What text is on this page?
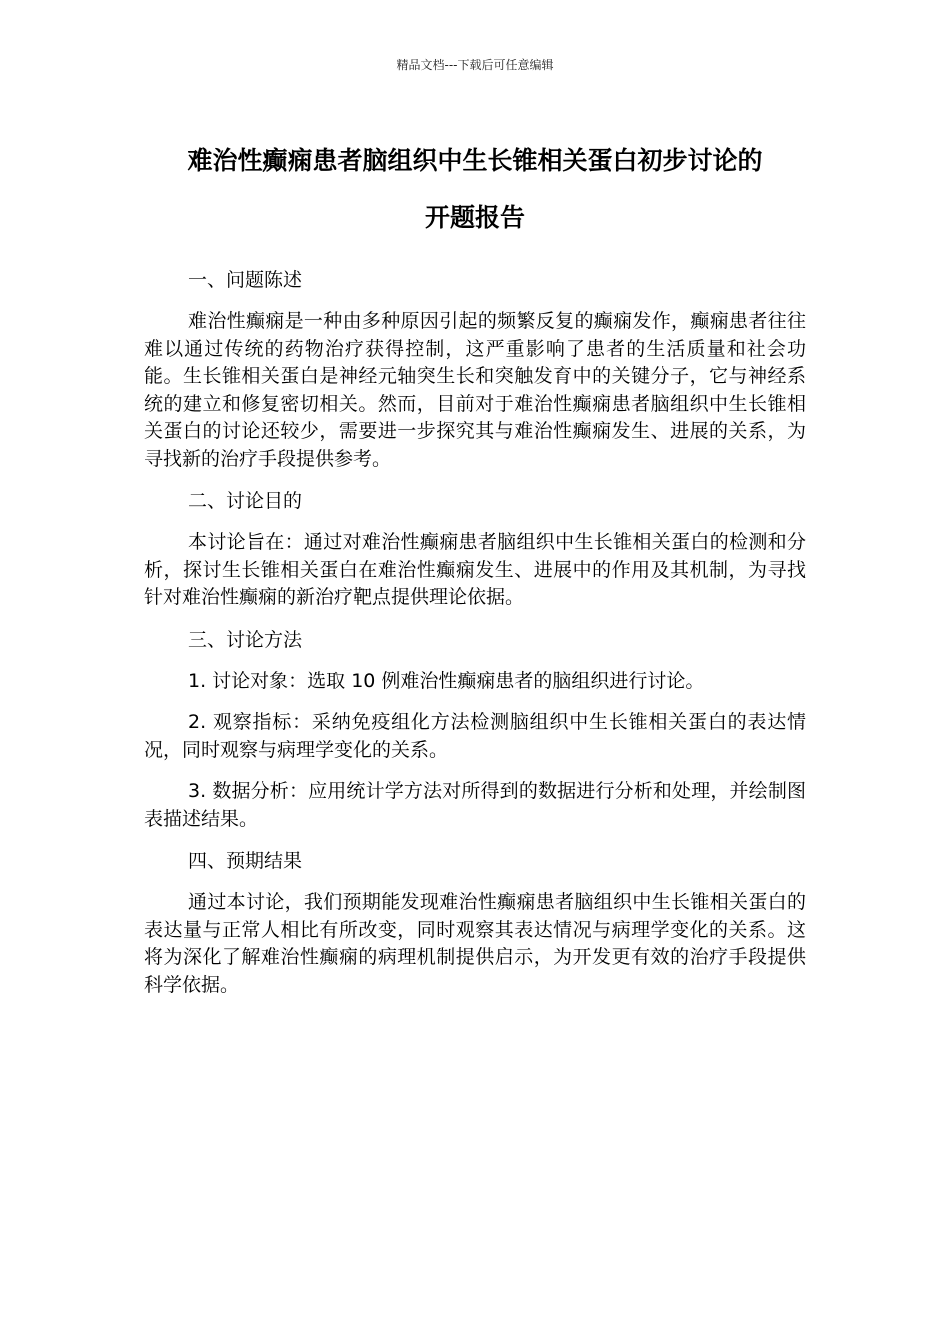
精品文档---下载后可任意编辑
难治性癫痫患者脑组织中生长锥相关蛋白初步讨论的
开题报告

一、问题陈述

难治性癫痫是一种由多种原因引起的频繁反复的癫痫发作，癫痫患者往往难以通过传统的药物治疗获得控制，这严重影响了患者的生活质量和社会功能。生长锥相关蛋白是神经元轴突生长和突触发育中的关键分子，它与神经系统的建立和修复密切相关。然而，目前对于难治性癫痫患者脑组织中生长锥相关蛋白的讨论还较少，需要进一步探究其与难治性癫痫发生、进展的关系，为寻找新的治疗手段提供参考。

二、讨论目的

本讨论旨在：通过对难治性癫痫患者脑组织中生长锥相关蛋白的检测和分析，探讨生长锥相关蛋白在难治性癫痫发生、进展中的作用及其机制，为寻找针对难治性癫痫的新治疗靶点提供理论依据。

三、讨论方法

1. 讨论对象：选取 10 例难治性癫痫患者的脑组织进行讨论。

2. 观察指标：采纳免疫组化方法检测脑组织中生长锥相关蛋白的表达情况，同时观察与病理学变化的关系。

3. 数据分析：应用统计学方法对所得到的数据进行分析和处理，并绘制图表描述结果。

四、预期结果

通过本讨论，我们预期能发现难治性癫痫患者脑组织中生长锥相关蛋白的表达量与正常人相比有所改变，同时观察其表达情况与病理学变化的关系。这将为深化了解难治性癫痫的病理机制提供启示，为开发更有效的治疗手段提供科学依据。
